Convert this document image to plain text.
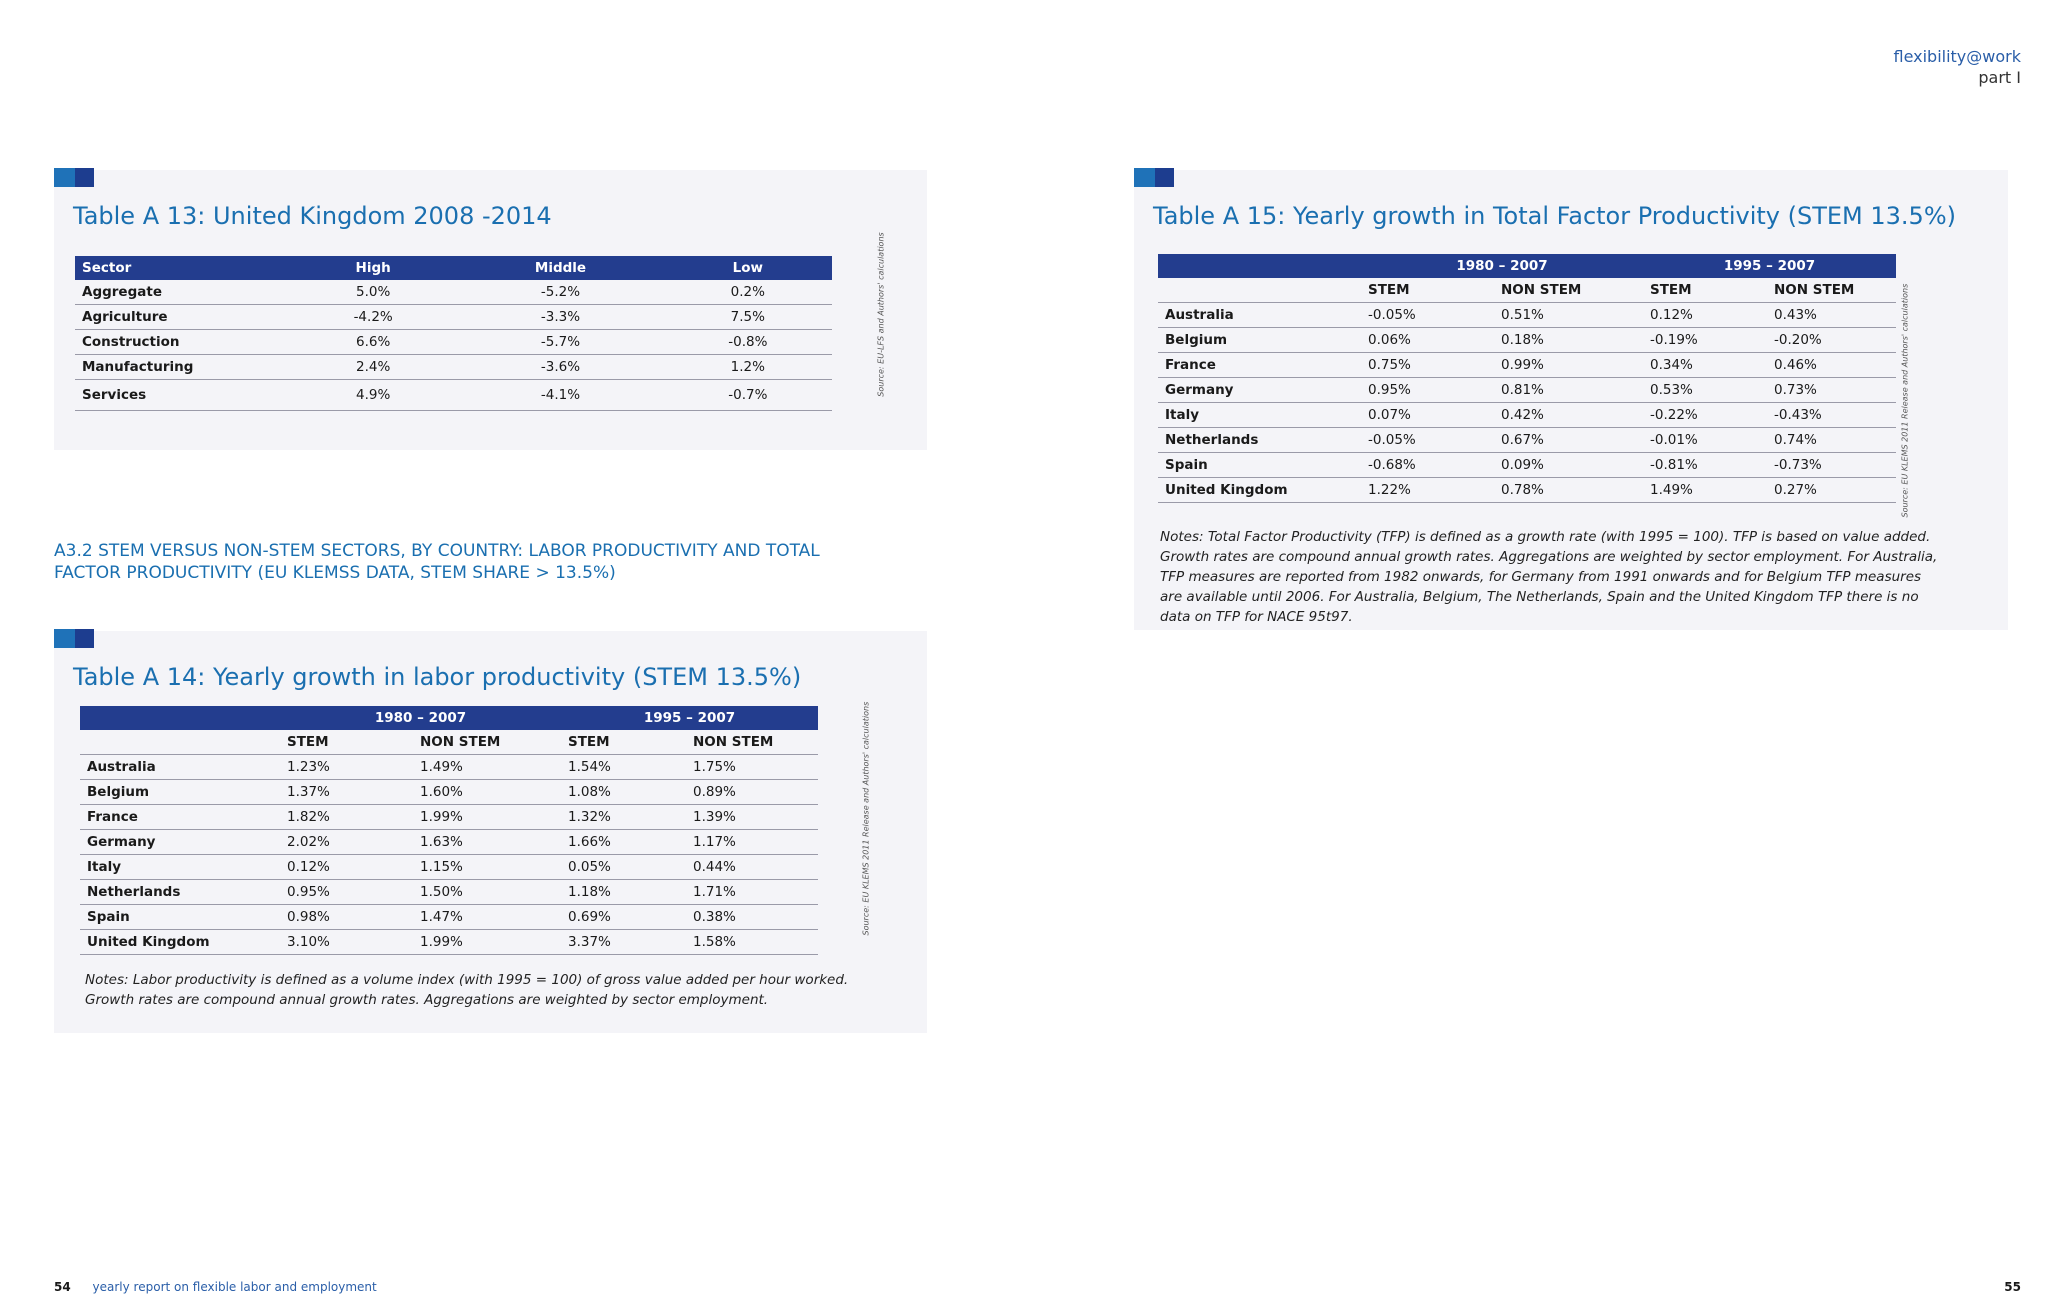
flexibility@work
part I
Table A 13: United Kingdom 2008 -2014
Sector	High	Middle	Low
Aggregate	5.0%	-5.2%	0.2%
Agriculture	-4.2%	-3.3%	7.5%
Construction	6.6%	-5.7%	-0.8%
Manufacturing	2.4%	-3.6%	1.2%
Services	4.9%	-4.1%	-0.7%	Source: EU-LFS and Authors' calculations
A3.2 STEM VERSUS NON-STEM SECTORS, BY COUNTRY: LABOR PRODUCTIVITY AND TOTAL FACTOR PRODUCTIVITY (EU KLEMSS DATA, STEM SHARE > 13.5%)
Table A 14: Yearly growth in labor productivity (STEM 13.5%)
	1980 – 2007		1995 – 2007	
	STEM	NON STEM	STEM	NON STEM
Australia	1.23%	1.49%	1.54%	1.75%
Belgium	1.37%	1.60%	1.08%	0.89%
France	1.82%	1.99%	1.32%	1.39%
Germany	2.02%	1.63%	1.66%	1.17%
Italy	0.12%	1.15%	0.05%	0.44%
Netherlands	0.95%	1.50%	1.18%	1.71%
Spain	0.98%	1.47%	0.69%	0.38%
United Kingdom	3.10%	1.99%	3.37%	1.58%
Notes: Labor productivity is defined as a volume index (with 1995 = 100) of gross value added per hour worked. Growth rates are compound annual growth rates. Aggregations are weighted by sector employment.
Source: EU KLEMS 2011 Release and Authors' calculations
Table A 15: Yearly growth in Total Factor Productivity (STEM 13.5%)
	1980 – 2007		1995 – 2007	
	STEM	NON STEM	STEM	NON STEM
Australia	-0.05%	0.51%	0.12%	0.43%
Belgium	0.06%	0.18%	-0.19%	-0.20%
France	0.75%	0.99%	0.34%	0.46%
Germany	0.95%	0.81%	0.53%	0.73%
Italy	0.07%	0.42%	-0.22%	-0.43%
Netherlands	-0.05%	0.67%	-0.01%	0.74%
Spain	-0.68%	0.09%	-0.81%	-0.73%
United Kingdom	1.22%	0.78%	1.49%	0.27%
Notes: Total Factor Productivity (TFP) is defined as a growth rate (with 1995 = 100). TFP is based on value added. Growth rates are compound annual growth rates. Aggregations are weighted by sector employment. For Australia, TFP measures are reported from 1982 onwards, for Germany from 1991 onwards and for Belgium TFP measures are available until 2006. For Australia, Belgium, The Netherlands, Spain and the United Kingdom TFP there is no data on TFP for NACE 95t97.
Source: EU KLEMS 2011 Release and Authors' calculations
54 yearly report on flexible labor and employment	55
